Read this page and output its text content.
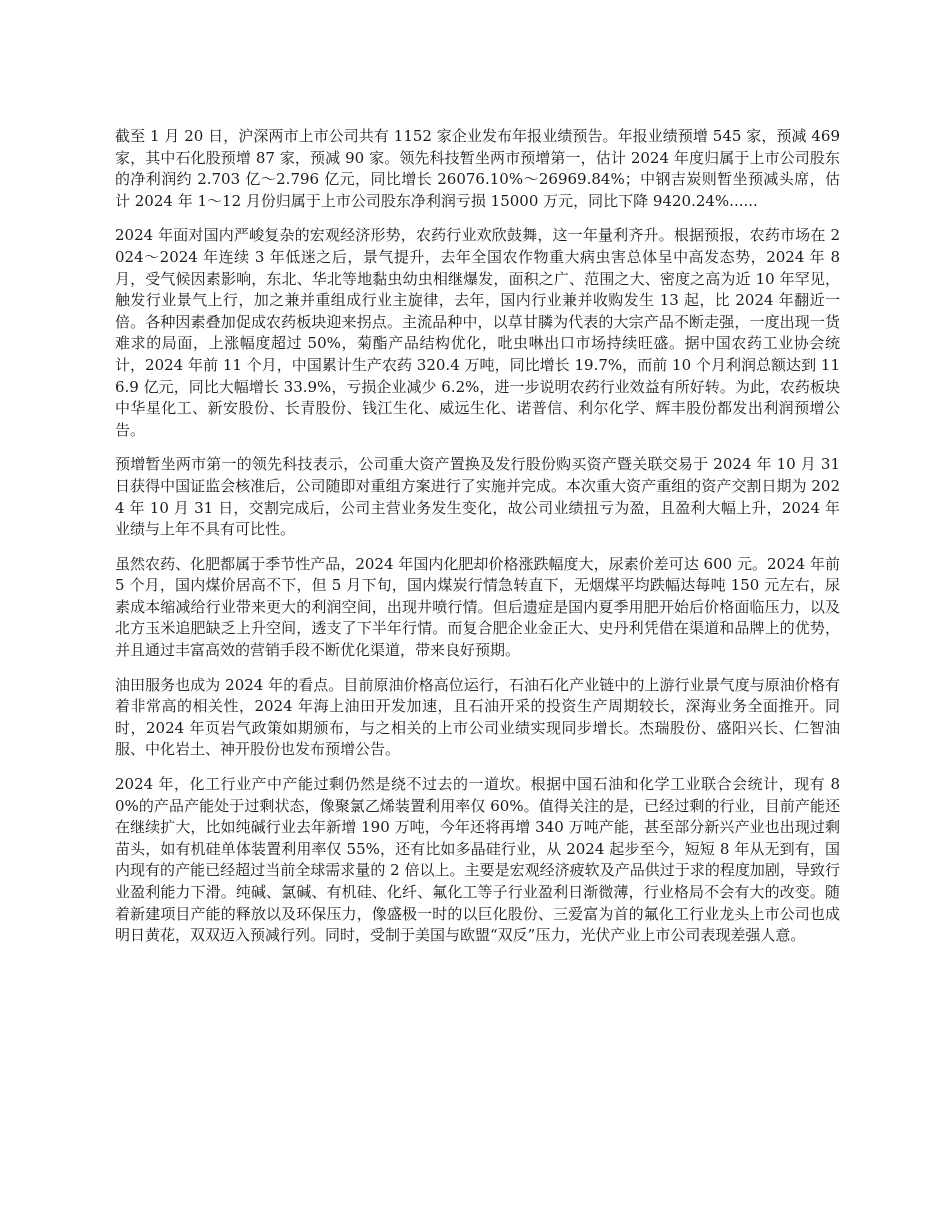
截至 1 月 20 日，沪深两市上市公司共有 1152 家企业发布年报业绩预告。年报业绩预增 545 家，预减 469 家，其中石化股预增 87 家，预减 90 家。领先科技暂坐两市预增第一，估计 2024 年度归属于上市公司股东的净利润约 2.703 亿～2.796 亿元，同比增长 26076.10%～26969.84%；中钢吉炭则暂坐预减头席，估计 2024 年 1～12 月份归属于上市公司股东净利润亏损 15000 万元，同比下降 9420.24%......

2024 年面对国内严峻复杂的宏观经济形势，农药行业欢欣鼓舞，这一年量利齐升。根据预报，农药市场在 2024～2024 年连续 3 年低迷之后，景气提升，去年全国农作物重大病虫害总体呈中高发态势，2024 年 8 月，受气候因素影响，东北、华北等地黏虫幼虫相继爆发，面积之广、范围之大、密度之高为近 10 年罕见，触发行业景气上行，加之兼并重组成行业主旋律，去年，国内行业兼并收购发生 13 起，比 2024 年翻近一倍。各种因素叠加促成农药板块迎来拐点。主流品种中，以草甘膦为代表的大宗产品不断走强，一度出现一货难求的局面，上涨幅度超过 50%，菊酯产品结构优化，吡虫啉出口市场持续旺盛。据中国农药工业协会统计，2024 年前 11 个月，中国累计生产农药 320.4 万吨，同比增长 19.7%，而前 10 个月利润总额达到 116.9 亿元，同比大幅增长 33.9%，亏损企业减少 6.2%，进一步说明农药行业效益有所好转。为此，农药板块中华星化工、新安股份、长青股份、钱江生化、威远生化、诺普信、利尔化学、辉丰股份都发出利润预增公告。

预增暂坐两市第一的领先科技表示，公司重大资产置换及发行股份购买资产暨关联交易于 2024 年 10 月 31 日获得中国证监会核准后，公司随即对重组方案进行了实施并完成。本次重大资产重组的资产交割日期为 2024 年 10 月 31 日，交割完成后，公司主营业务发生变化，故公司业绩扭亏为盈，且盈利大幅上升，2024 年业绩与上年不具有可比性。

虽然农药、化肥都属于季节性产品，2024 年国内化肥却价格涨跌幅度大，尿素价差可达 600 元。2024 年前 5 个月，国内煤价居高不下，但 5 月下旬，国内煤炭行情急转直下，无烟煤平均跌幅达每吨 150 元左右，尿素成本缩减给行业带来更大的利润空间，出现井喷行情。但后遗症是国内夏季用肥开始后价格面临压力，以及北方玉米追肥缺乏上升空间，透支了下半年行情。而复合肥企业金正大、史丹利凭借在渠道和品牌上的优势，并且通过丰富高效的营销手段不断优化渠道，带来良好预期。

油田服务也成为 2024 年的看点。目前原油价格高位运行，石油石化产业链中的上游行业景气度与原油价格有着非常高的相关性，2024 年海上油田开发加速，且石油开采的投资生产周期较长，深海业务全面推开。同时，2024 年页岩气政策如期颁布，与之相关的上市公司业绩实现同步增长。杰瑞股份、盛阳兴长、仁智油服、中化岩土、神开股份也发布预增公告。

2024 年，化工行业产中产能过剩仍然是绕不过去的一道坎。根据中国石油和化学工业联合会统计，现有 80%的产品产能处于过剩状态，像聚氯乙烯装置利用率仅 60%。值得关注的是，已经过剩的行业，目前产能还在继续扩大，比如纯碱行业去年新增 190 万吨，今年还将再增 340 万吨产能，甚至部分新兴产业也出现过剩苗头，如有机硅单体装置利用率仅 55%，还有比如多晶硅行业，从 2024 起步至今，短短 8 年从无到有，国内现有的产能已经超过当前全球需求量的 2 倍以上。主要是宏观经济疲软及产品供过于求的程度加剧，导致行业盈利能力下滑。纯碱、氯碱、有机硅、化纤、氟化工等子行业盈利日渐微薄，行业格局不会有大的改变。随着新建项目产能的释放以及环保压力，像盛极一时的以巨化股份、三爱富为首的氟化工行业龙头上市公司也成明日黄花，双双迈入预减行列。同时，受制于美国与欧盟“双反”压力，光伏产业上市公司表现差强人意。
